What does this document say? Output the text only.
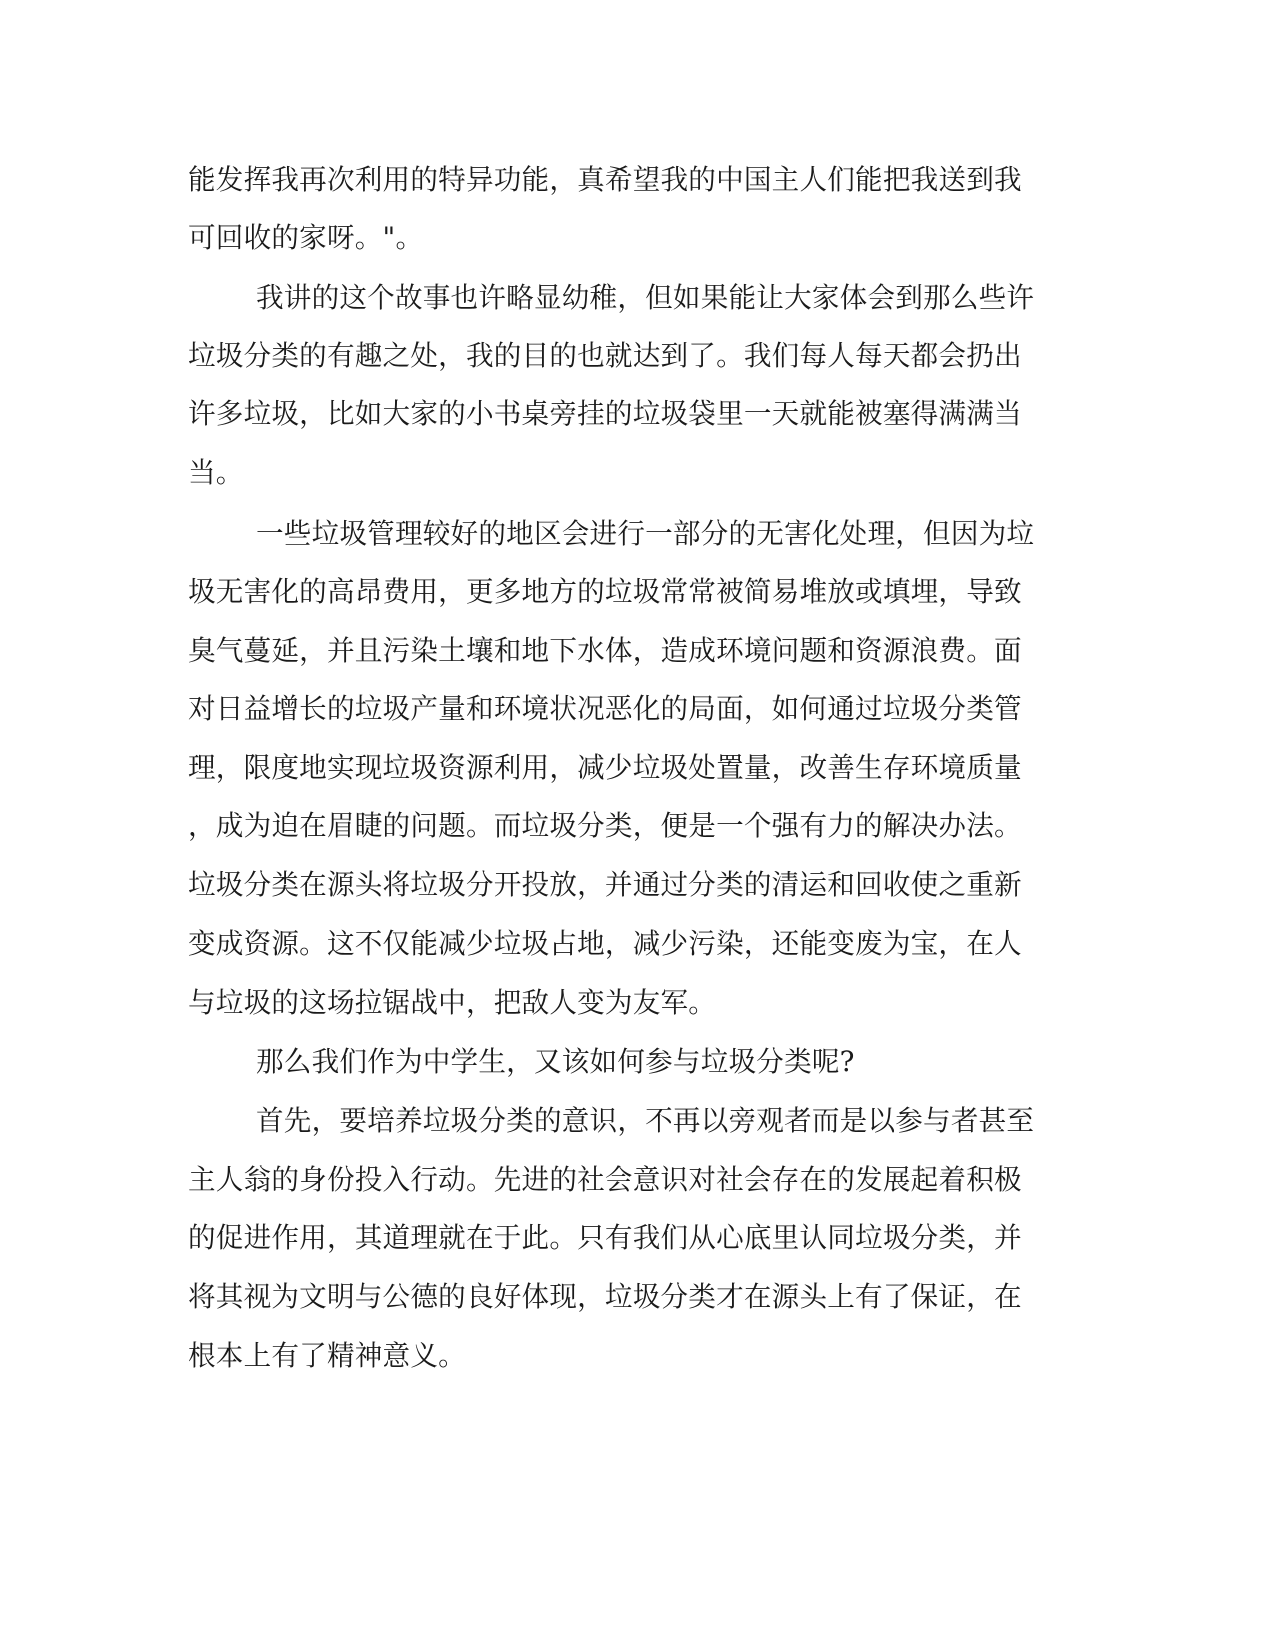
能发挥我再次利用的特异功能，真希望我的中国主人们能把我送到我
可回收的家呀。"。
我讲的这个故事也许略显幼稚，但如果能让大家体会到那么些许
垃圾分类的有趣之处，我的目的也就达到了。我们每人每天都会扔出
许多垃圾，比如大家的小书桌旁挂的垃圾袋里一天就能被塞得满满当
当。
一些垃圾管理较好的地区会进行一部分的无害化处理，但因为垃
圾无害化的高昂费用，更多地方的垃圾常常被简易堆放或填埋，导致
臭气蔓延，并且污染土壤和地下水体，造成环境问题和资源浪费。面
对日益增长的垃圾产量和环境状况恶化的局面，如何通过垃圾分类管
理，限度地实现垃圾资源利用，减少垃圾处置量，改善生存环境质量
，成为迫在眉睫的问题。而垃圾分类，便是一个强有力的解决办法。
垃圾分类在源头将垃圾分开投放，并通过分类的清运和回收使之重新
变成资源。这不仅能减少垃圾占地，减少污染，还能变废为宝，在人
与垃圾的这场拉锯战中，把敌人变为友军。
那么我们作为中学生，又该如何参与垃圾分类呢?
首先，要培养垃圾分类的意识，不再以旁观者而是以参与者甚至
主人翁的身份投入行动。先进的社会意识对社会存在的发展起着积极
的促进作用，其道理就在于此。只有我们从心底里认同垃圾分类，并
将其视为文明与公德的良好体现，垃圾分类才在源头上有了保证，在
根本上有了精神意义。
